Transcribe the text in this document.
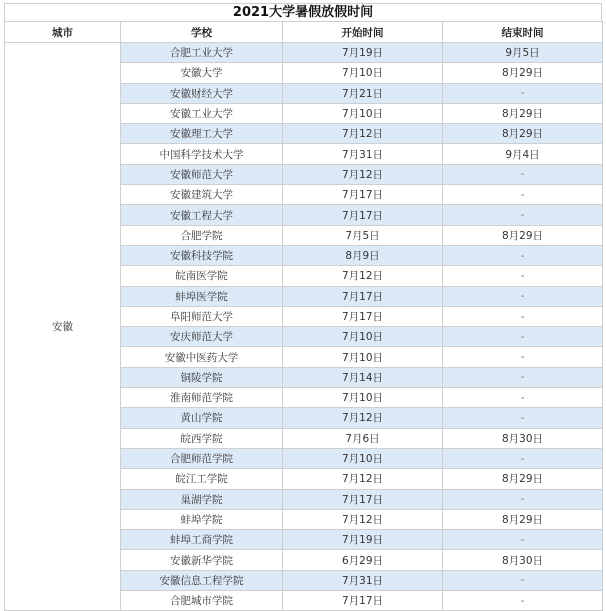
2021大学暑假放假时间
城市	学校	开始时间	结束时间
安徽	合肥工业大学	7月19日	9月5日
	安徽大学	7月10日	8月29日
	安徽财经大学	7月21日	-
	安徽工业大学	7月10日	8月29日
	安徽理工大学	7月12日	8月29日
	中国科学技术大学	7月31日	9月4日
	安徽师范大学	7月12日	-
	安徽建筑大学	7月17日	-
	安徽工程大学	7月17日	-
	合肥学院	7月5日	8月29日
	安徽科技学院	8月9日	-
	皖南医学院	7月12日	-
	蚌埠医学院	7月17日	-
	阜阳师范大学	7月17日	-
	安庆师范大学	7月10日	-
	安徽中医药大学	7月10日	-
	铜陵学院	7月14日	-
	淮南师范学院	7月10日	-
	黄山学院	7月12日	-
	皖西学院	7月6日	8月30日
	合肥师范学院	7月10日	-
	皖江工学院	7月12日	8月29日
	巢湖学院	7月17日	-
	蚌埠学院	7月12日	8月29日
	蚌埠工商学院	7月19日	-
	安徽新华学院	6月29日	8月30日
	安徽信息工程学院	7月31日	-
	合肥城市学院	7月17日	-
